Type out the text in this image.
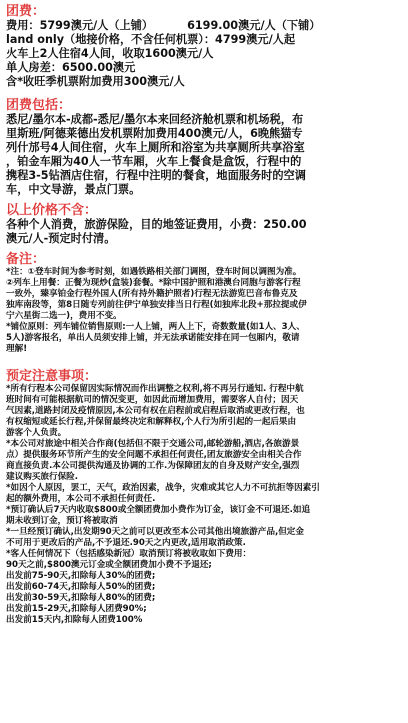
团费：
费用：5799澳元/人（上铺）	6199.00澳元/人（下铺）
land only（地接价格，不含任何机票）：4799澳元/人起
火车上2人住宿4人间，收取1600澳元/人
单人房差：6500.00澳元
含*收旺季机票附加费用300澳元/人
团费包括：
悉尼/墨尔本-成都-悉尼/墨尔本来回经济舱机票和机场税，布
里斯班/阿德莱德出发机票附加费用400澳元/人，6晚熊猫专
列什邡号4人间住宿，火车上厕所和浴室为共享厕所共享浴室
，铂金车厢为40人一节车厢，火车上餐食是盒饭，行程中的
携程3-5钻酒店住宿，行程中注明的餐食，地面服务时的空调
车，中文导游，景点门票。
以上价格不含：
各种个人消费，旅游保险，目的地签证费用，小费：250.00
澳元/人-预定时付清。
备注：
*注：①登车时间为参考时刻，如遇铁路相关部门调图，登车时间以调图为准。
②列车上用餐：正餐为现炒(盒装)套餐。*除中国护照和港澳台同胞与游客行程
一致外，臻享铂金行程外国人(所有持外籍护照者)行程无法游览巴音布鲁克及
独库南段等，第8日随专列前往伊宁单独安排当日行程(如独库北段+那拉提或伊
宁六星街二选一)，费用不变。
*铺位原则：列车铺位销售原则:一人上铺，两人上下，奇数数量(如1人、3人、
5人)游客报名，单出人员须安排上铺，并无法承诺能安排在同一包厢内，敬请
理解!
预定注意事项：
*所有行程本公司保留因实际情况而作出调整之权利,将不再另行通知. 行程中航
班时间有可能根据航司的情况变更，如因此而增加费用，需要客人自付；因天
气因素,道路封闭及疫情原因,本公司有权在启程前或启程后取消或更改行程，也
有权缩短或延长行程,并保留最终决定和解释权,个人行为所引起的一起后果由
游客个人负责。
*本公司对旅途中相关合作商(包括但不限于交通公司,邮轮游船,酒店,各旅游景
点）提供服务环节所产生的安全问题不承担任何责任,团友旅游安全由相关合作
商直接负责.本公司提供沟通及协调的工作.为保障团友的自身及财产安全,强烈
建议购买旅行保险.
*如因个人原因，罢工，天气，政治因素，战争，灾难或其它人力不可抗拒等因素引
起的额外费用，本公司不承担任何责任.
*预订确认后7天内收取$800或全额团费加小费作为订金，该订金不可退还.如追
期未收到订金，预订将被取消
*一旦经预订确认,出发期90天之前可以更改至本公司其他出境旅游产品,但定金
不可用于更改后的产品,不予退还.90天之内更改,适用取消政策.
*客人任何情况下（包括感染新冠）取消预订将被收取如下费用：
90天之前,$800澳元订金或全额团费加小费不予退还;
出发前75-90天,扣除每人30%的团费;
出发前60-74天,扣除每人50%的团费;
出发前30-59天,扣除每人80%的团费;
出发前15-29天,扣除每人团费90%;
出发前15天内,扣除每人团费100%
